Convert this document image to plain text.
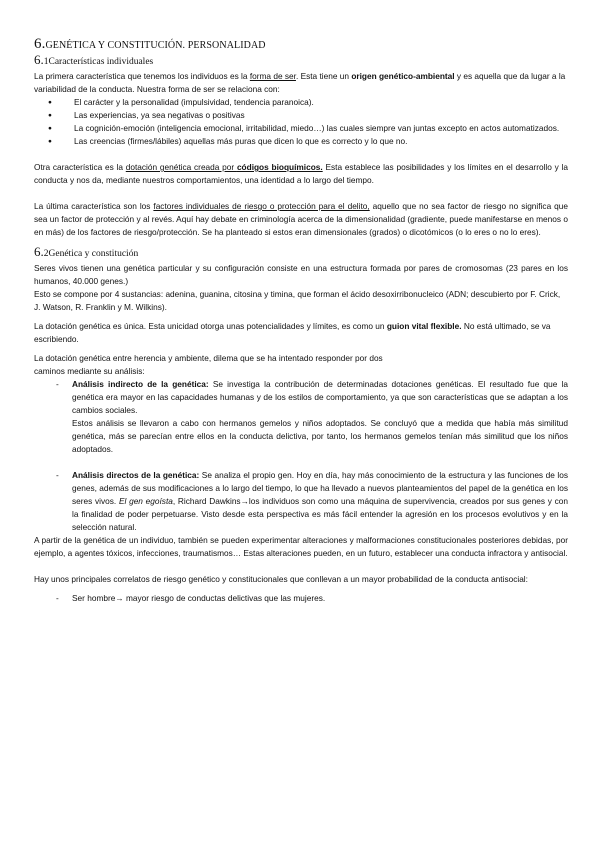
6.GENÉTICA Y CONSTITUCIÓN. PERSONALIDAD
6.1Características individuales

La primera característica que tenemos los individuos es la forma de ser. Esta tiene un origen genético-ambiental y es aquella que da lugar a la variabilidad de la conducta. Nuestra forma de ser se relaciona con:

● El carácter y la personalidad (impulsividad, tendencia paranoica).
● Las experiencias, ya sea negativas o positivas
● La cognición-emoción (inteligencia emocional, irritabilidad, miedo…) las cuales siempre van juntas excepto en actos automatizados.
● Las creencias (firmes/lábiles) aquellas más puras que dicen lo que es correcto y lo que no.

Otra característica es la dotación genética creada por códigos bioquímicos. Esta establece las posibilidades y los límites en el desarrollo y la conducta y nos da, mediante nuestros comportamientos, una identidad a lo largo del tiempo.

La última característica son los factores individuales de riesgo o protección para el delito, aquello que no sea factor de riesgo no significa que sea un factor de protección y al revés. Aquí hay debate en criminología acerca de la dimensionalidad (gradiente, puede manifestarse en menos o en más) de los factores de riesgo/protección. Se ha planteado si estos eran dimensionales (grados) o dicotómicos (o lo eres o no lo eres).

6.2Genética y constitución

Seres vivos tienen una genética particular y su configuración consiste en una estructura formada por pares de cromosomas (23 pares en los humanos, 40.000 genes.)

Esto se compone por 4 sustancias: adenina, guanina, citosina y timina, que forman el ácido desoxirribonucleico (ADN; descubierto por F. Crick, J. Watson, R. Franklin y M. Wilkins).

La dotación genética es única. Esta unicidad otorga unas potencialidades y límites, es como un guion vital flexible. No está ultimado, se va escribiendo.

La dotación genética entre herencia y ambiente, dilema que se ha intentado responder por dos
caminos mediante su análisis:

- Análisis indirecto de la genética: Se investiga la contribución de determinadas dotaciones genéticas. El resultado fue que la genética era mayor en las capacidades humanas y de los estilos de comportamiento, ya que son características que se adaptan a los cambios sociales.

Estos análisis se llevaron a cabo con hermanos gemelos y niños adoptados. Se concluyó que a medida que había más similitud genética, más se parecían entre ellos en la conducta delictiva, por tanto, los hermanos gemelos tenían más similitud que los niños adoptados.

- Análisis directos de la genética: Se analiza el propio gen. Hoy en día, hay más conocimiento de la estructura y las funciones de los genes, además de sus modificaciones a lo largo del tiempo, lo que ha llevado a nuevos planteamientos del papel de la genética en los seres vivos. El gen egoísta, Richard Dawkins→los individuos son como una máquina de supervivencia, creados por sus genes y con la finalidad de poder perpetuarse. Visto desde esta perspectiva es más fácil entender la agresión en los procesos evolutivos y en la selección natural.

A partir de la genética de un individuo, también se pueden experimentar alteraciones y malformaciones constitucionales posteriores debidas, por ejemplo, a agentes tóxicos, infecciones, traumatismos… Estas alteraciones pueden, en un futuro, establecer una conducta infractora y antisocial.

Hay unos principales correlatos de riesgo genético y constitucionales que conllevan a un mayor probabilidad de la conducta antisocial:

- Ser hombre→ mayor riesgo de conductas delictivas que las mujeres.
